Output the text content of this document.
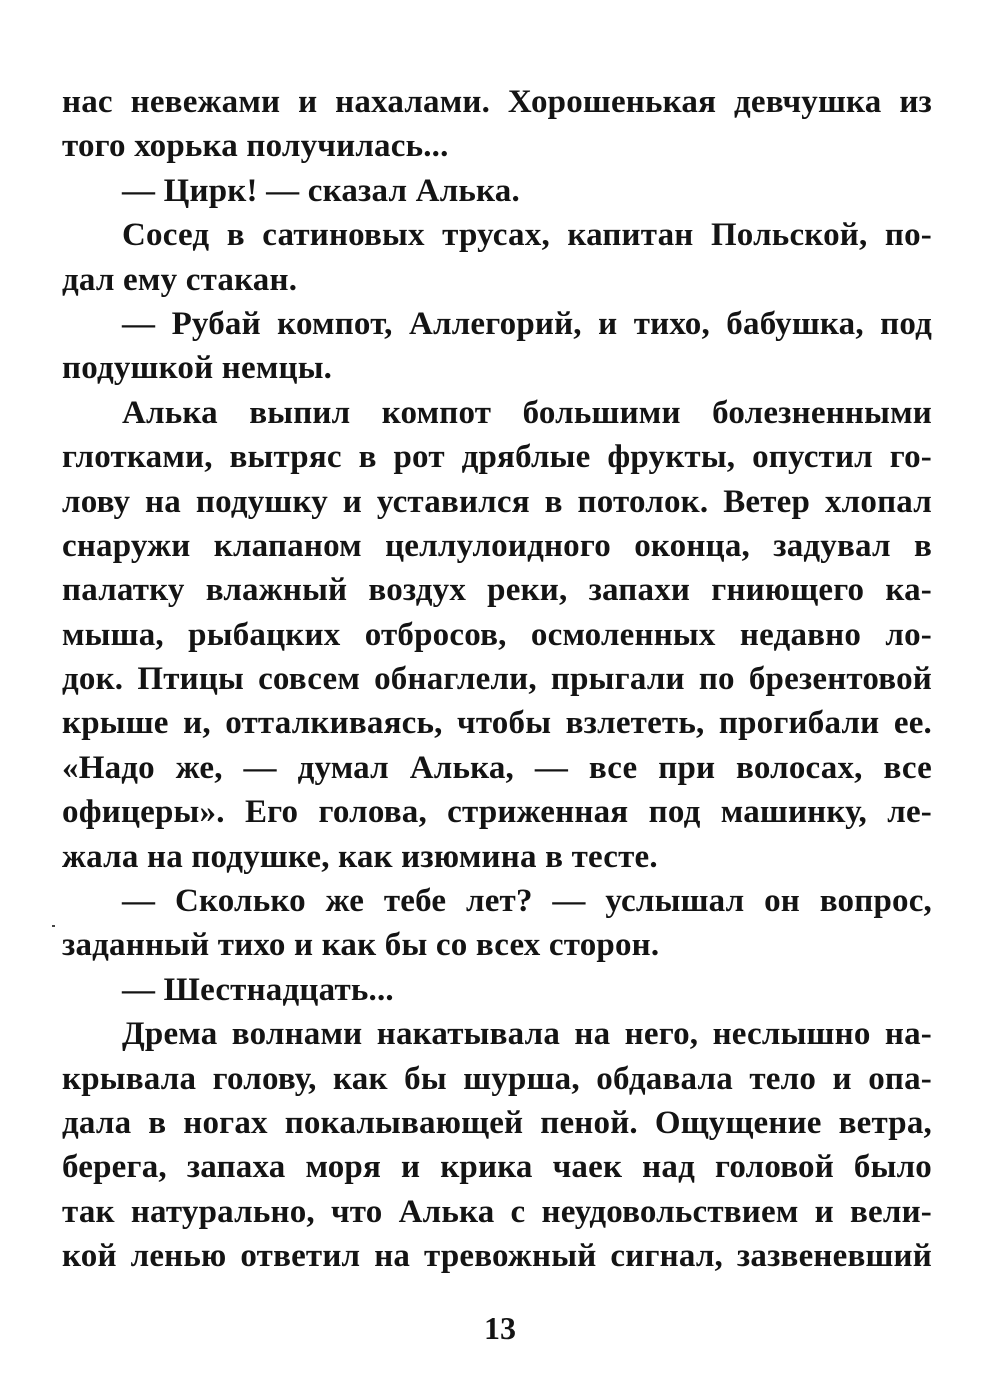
нас невежами и нахалами. Хорошенькая девчушка из
того хорька получилась...
— Цирк! — сказал Алька.
Сосед в сатиновых трусах, капитан Польской, по-
дал ему стакан.
— Рубай компот, Аллегорий, и тихо, бабушка, под
подушкой немцы.
Алька выпил компот большими болезненными
глотками, вытряс в рот дряблые фрукты, опустил го-
лову на подушку и уставился в потолок. Ветер хлопал
снаружи клапаном целлулоидного оконца, задувал в
палатку влажный воздух реки, запахи гниющего ка-
мыша, рыбацких отбросов, осмоленных недавно ло-
док. Птицы совсем обнаглели, прыгали по брезентовой
крыше и, отталкиваясь, чтобы взлететь, прогибали ее.
«Надо же, — думал Алька, — все при волосах, все
офицеры». Его голова, стриженная под машинку, ле-
жала на подушке, как изюмина в тесте.
— Сколько же тебе лет? — услышал он вопрос,
заданный тихо и как бы со всех сторон.
— Шестнадцать...
Дрема волнами накатывала на него, неслышно на-
крывала голову, как бы шурша, обдавала тело и опа-
дала в ногах покалывающей пеной. Ощущение ветра,
берега, запаха моря и крика чаек над головой было
так натурально, что Алька с неудовольствием и вели-
кой ленью ответил на тревожный сигнал, зазвеневший
13
